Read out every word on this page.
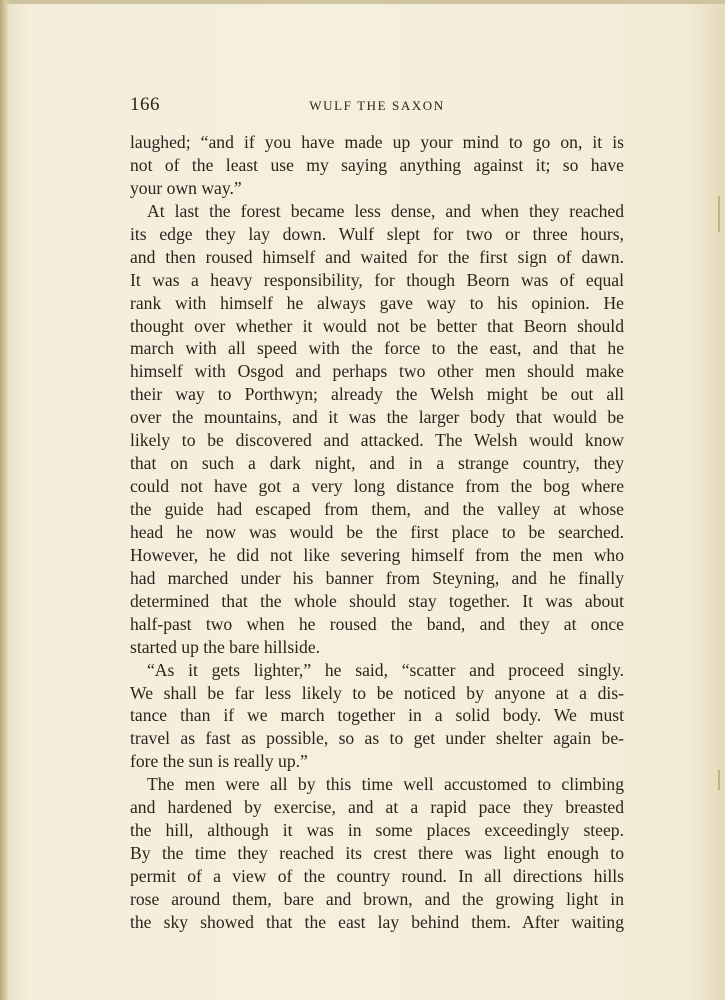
166	WULF THE SAXON
laughed; “and if you have made up your mind to go on, it is
not of the least use my saying anything against it; so have
your own way.”
At last the forest became less dense, and when they reached
its edge they lay down. Wulf slept for two or three hours,
and then roused himself and waited for the first sign of dawn.
It was a heavy responsibility, for though Beorn was of equal
rank with himself he always gave way to his opinion. He
thought over whether it would not be better that Beorn should
march with all speed with the force to the east, and that he
himself with Osgod and perhaps two other men should make
their way to Porthwyn; already the Welsh might be out all
over the mountains, and it was the larger body that would be
likely to be discovered and attacked. The Welsh would know
that on such a dark night, and in a strange country, they
could not have got a very long distance from the bog where
the guide had escaped from them, and the valley at whose
head he now was would be the first place to be searched.
However, he did not like severing himself from the men who
had marched under his banner from Steyning, and he finally
determined that the whole should stay together. It was about
half-past two when he roused the band, and they at once
started up the bare hillside.
“As it gets lighter,” he said, “scatter and proceed singly.
We shall be far less likely to be noticed by anyone at a dis-
tance than if we march together in a solid body. We must
travel as fast as possible, so as to get under shelter again be-
fore the sun is really up.”
The men were all by this time well accustomed to climbing
and hardened by exercise, and at a rapid pace they breasted
the hill, although it was in some places exceedingly steep.
By the time they reached its crest there was light enough to
permit of a view of the country round. In all directions hills
rose around them, bare and brown, and the growing light in
the sky showed that the east lay behind them. After waiting
